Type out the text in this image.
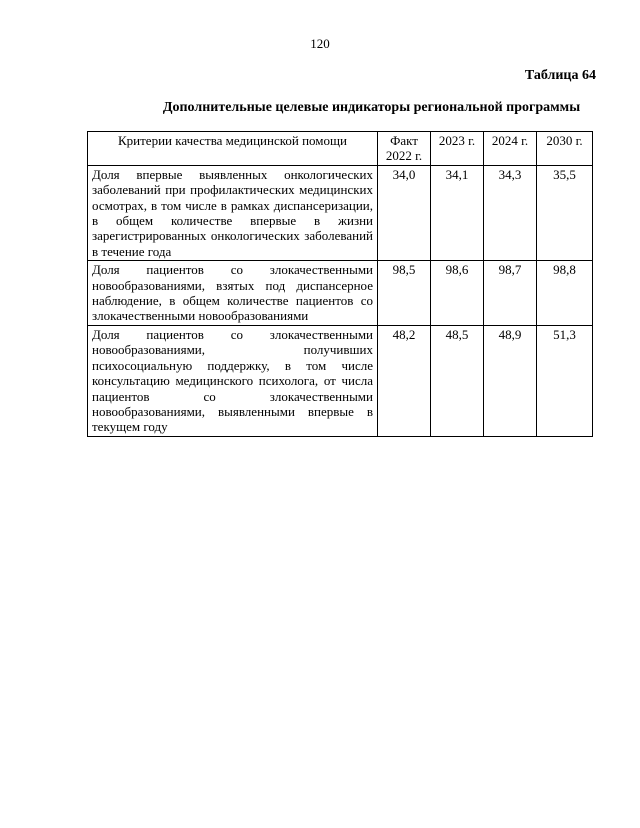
120
Таблица 64
Дополнительные целевые индикаторы региональной программы
Критерии качества медицинской помощи	Факт 2022 г.	2023 г.	2024 г.	2030 г.
Доля впервые выявленных онкологических заболеваний при профилактических медицинских осмотрах, в том числе в рамках диспансеризации, в общем количестве впервые в жизни зарегистрированных онкологических заболеваний в течение года	34,0	34,1	34,3	35,5
Доля пациентов со злокачественными новообразованиями, взятых под диспансерное наблюдение, в общем количестве пациентов со злокачественными новообразованиями	98,5	98,6	98,7	98,8
Доля пациентов со злокачественными новообразованиями, получивших психосоциальную поддержку, в том числе консультацию медицинского психолога, от числа пациентов со злокачественными новообразованиями, выявленными впервые в текущем году	48,2	48,5	48,9	51,3
